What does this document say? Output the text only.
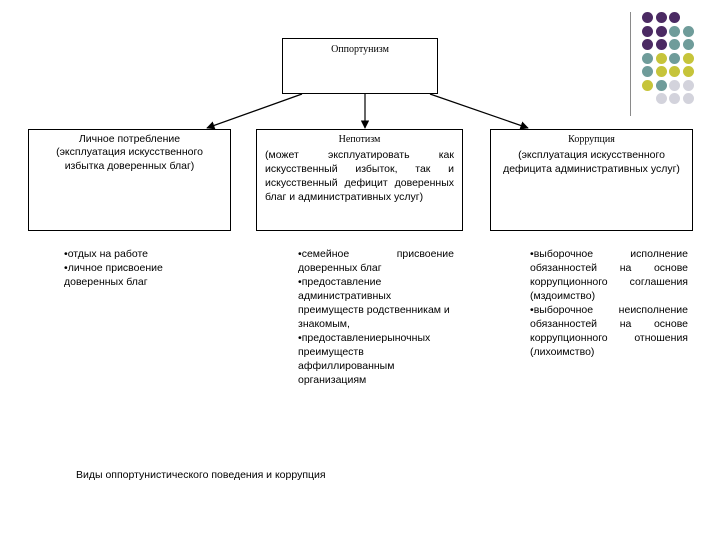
Оппортунизм
Личное потребление
(эксплуатация искусственного избытка доверенных благ)
• отдых на работе
• личное присвоение доверенных благ
Непотизм
(может эксплуатировать как искусственный избыток, так и искусственный дефицит доверенных благ и административных услуг)
• семейное присвоение доверенных благ
• предоставление административных преимуществ родственникам и знакомым,
• предоставлениерыночных преимуществ аффиллированным организациям
Коррупция
(эксплуатация искусственного дефицита административных услуг)
• выборочное исполнение обязанностей на основе коррупционного соглашения (мздоимство)
• выборочное неисполнение обязанностей на основе коррупционного отношения (лихоимство)
Виды оппортунистического поведения и коррупция
